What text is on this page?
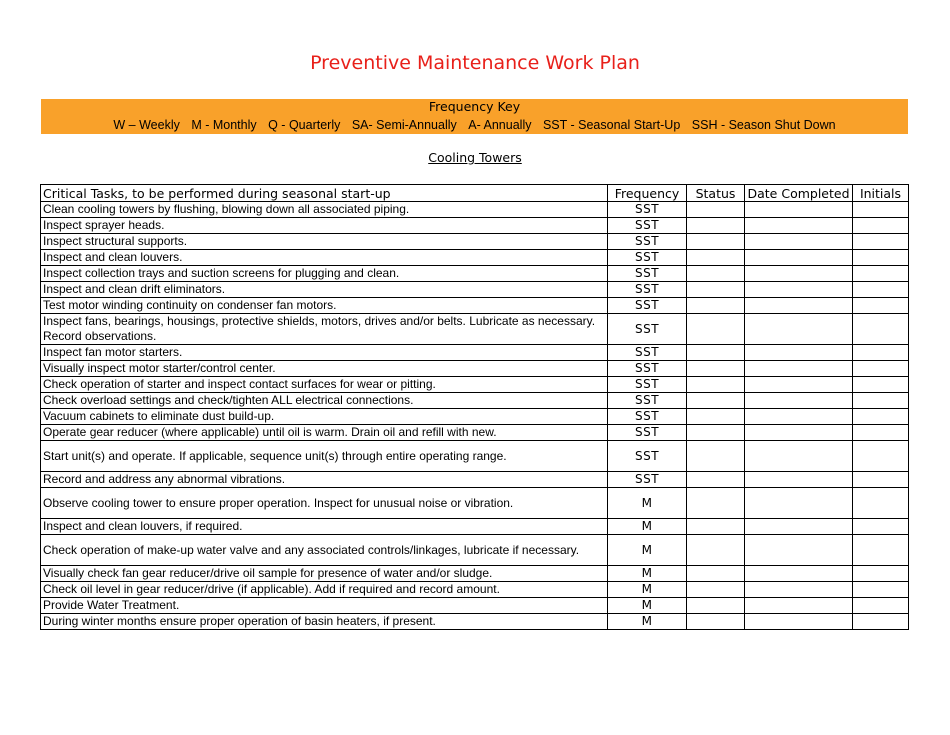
Preventive Maintenance Work Plan
Frequency Key
W – Weekly M - Monthly Q - Quarterly SA- Semi-Annually A- Annually SST - Seasonal Start-Up SSH - Season Shut Down
Cooling Towers
Critical Tasks, to be performed during seasonal start-up	Frequency	Status	Date Completed	Initials
Clean cooling towers by flushing, blowing down all associated piping.	SST			
Inspect sprayer heads.	SST			
Inspect structural supports.	SST			
Inspect and clean louvers.	SST			
Inspect collection trays and suction screens for plugging and clean.	SST			
Inspect and clean drift eliminators.	SST			
Test motor winding continuity on condenser fan motors.	SST			
Inspect fans, bearings, housings, protective shields, motors, drives and/or belts. Lubricate as necessary. Record observations.	SST			
Inspect fan motor starters.	SST			
Visually inspect motor starter/control center.	SST			
Check operation of starter and inspect contact surfaces for wear or pitting.	SST			
Check overload settings and check/tighten ALL electrical connections.	SST			
Vacuum cabinets to eliminate dust build-up.	SST			
Operate gear reducer (where applicable) until oil is warm. Drain oil and refill with new.	SST			
Start unit(s) and operate. If applicable, sequence unit(s) through entire operating range.	SST			
Record and address any abnormal vibrations.	SST			
Observe cooling tower to ensure proper operation. Inspect for unusual noise or vibration.	M			
Inspect and clean louvers, if required.	M			
Check operation of make-up water valve and any associated controls/linkages, lubricate if necessary.	M			
Visually check fan gear reducer/drive oil sample for presence of water and/or sludge.	M			
Check oil level in gear reducer/drive (if applicable). Add if required and record amount.	M			
Provide Water Treatment.	M			
During winter months ensure proper operation of basin heaters, if present.	M			
